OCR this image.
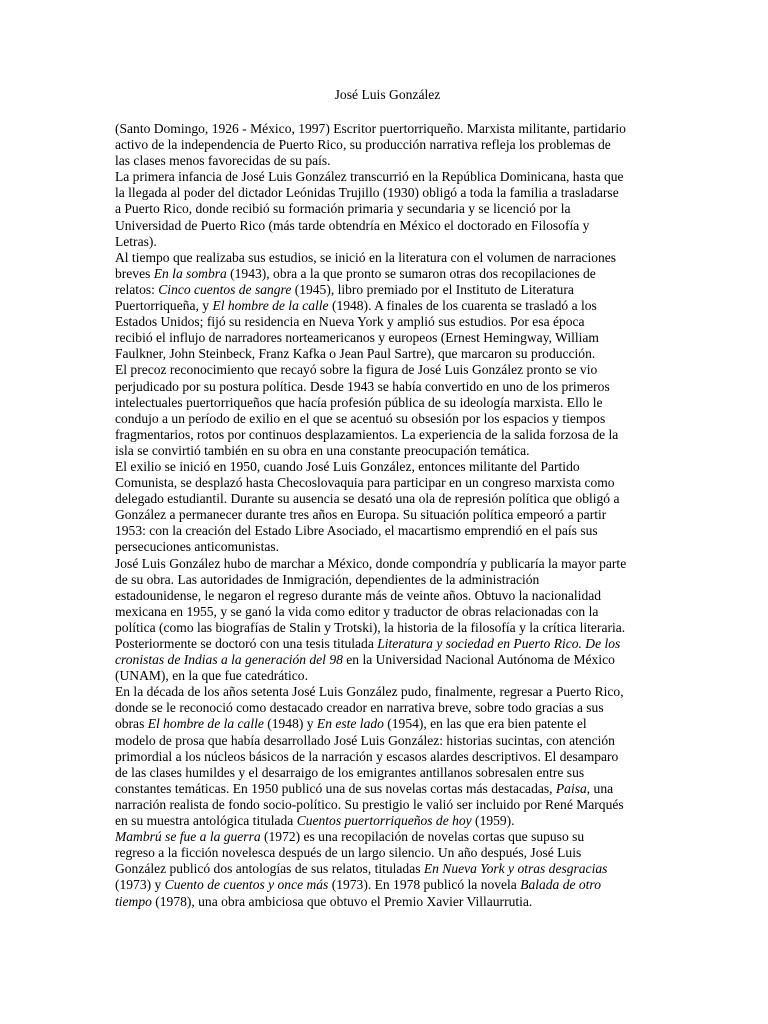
José Luis González
(Santo Domingo, 1926 - México, 1997) Escritor puertorriqueño. Marxista militante, partidario
activo de la independencia de Puerto Rico, su producción narrativa refleja los problemas de
las clases menos favorecidas de su país.
La primera infancia de José Luis González transcurrió en la República Dominicana, hasta que
la llegada al poder del dictador Leónidas Trujillo (1930) obligó a toda la familia a trasladarse
a Puerto Rico, donde recibió su formación primaria y secundaria y se licenció por la
Universidad de Puerto Rico (más tarde obtendría en México el doctorado en Filosofía y
Letras).
Al tiempo que realizaba sus estudios, se inició en la literatura con el volumen de narraciones
breves En la sombra (1943), obra a la que pronto se sumaron otras dos recopilaciones de
relatos: Cinco cuentos de sangre (1945), libro premiado por el Instituto de Literatura
Puertorriqueña, y El hombre de la calle (1948). A finales de los cuarenta se trasladó a los
Estados Unidos; fijó su residencia en Nueva York y amplió sus estudios. Por esa época
recibió el influjo de narradores norteamericanos y europeos (Ernest Hemingway, William
Faulkner, John Steinbeck, Franz Kafka o Jean Paul Sartre), que marcaron su producción.
El precoz reconocimiento que recayó sobre la figura de José Luis González pronto se vio
perjudicado por su postura política. Desde 1943 se había convertido en uno de los primeros
intelectuales puertorriqueños que hacía profesión pública de su ideología marxista. Ello le
condujo a un período de exilio en el que se acentuó su obsesión por los espacios y tiempos
fragmentarios, rotos por continuos desplazamientos. La experiencia de la salida forzosa de la
isla se convirtió también en su obra en una constante preocupación temática.
El exilio se inició en 1950, cuando José Luis González, entonces militante del Partido
Comunista, se desplazó hasta Checoslovaquia para participar en un congreso marxista como
delegado estudiantil. Durante su ausencia se desató una ola de represión política que obligó a
González a permanecer durante tres años en Europa. Su situación política empeoró a partir
1953: con la creación del Estado Libre Asociado, el macartismo emprendió en el país sus
persecuciones anticomunistas.
José Luis González hubo de marchar a México, donde compondría y publicaría la mayor parte
de su obra. Las autoridades de Inmigración, dependientes de la administración
estadounidense, le negaron el regreso durante más de veinte años. Obtuvo la nacionalidad
mexicana en 1955, y se ganó la vida como editor y traductor de obras relacionadas con la
política (como las biografías de Stalin y Trotski), la historia de la filosofía y la crítica literaria.
Posteriormente se doctoró con una tesis titulada Literatura y sociedad en Puerto Rico. De los
cronistas de Indias a la generación del 98 en la Universidad Nacional Autónoma de México
(UNAM), en la que fue catedrático.
En la década de los años setenta José Luis González pudo, finalmente, regresar a Puerto Rico,
donde se le reconoció como destacado creador en narrativa breve, sobre todo gracias a sus
obras El hombre de la calle (1948) y En este lado (1954), en las que era bien patente el
modelo de prosa que había desarrollado José Luis González: historias sucintas, con atención
primordial a los núcleos básicos de la narración y escasos alardes descriptivos. El desamparo
de las clases humildes y el desarraigo de los emigrantes antillanos sobresalen entre sus
constantes temáticas. En 1950 publicó una de sus novelas cortas más destacadas, Paisa, una
narración realista de fondo socio-político. Su prestigio le valió ser incluido por René Marqués
en su muestra antológica titulada Cuentos puertorriqueños de hoy (1959).
Mambrú se fue a la guerra (1972) es una recopilación de novelas cortas que supuso su
regreso a la ficción novelesca después de un largo silencio. Un año después, José Luis
González publicó dos antologías de sus relatos, tituladas En Nueva York y otras desgracias
(1973) y Cuento de cuentos y once más (1973). En 1978 publicó la novela Balada de otro
tiempo (1978), una obra ambiciosa que obtuvo el Premio Xavier Villaurrutia.
